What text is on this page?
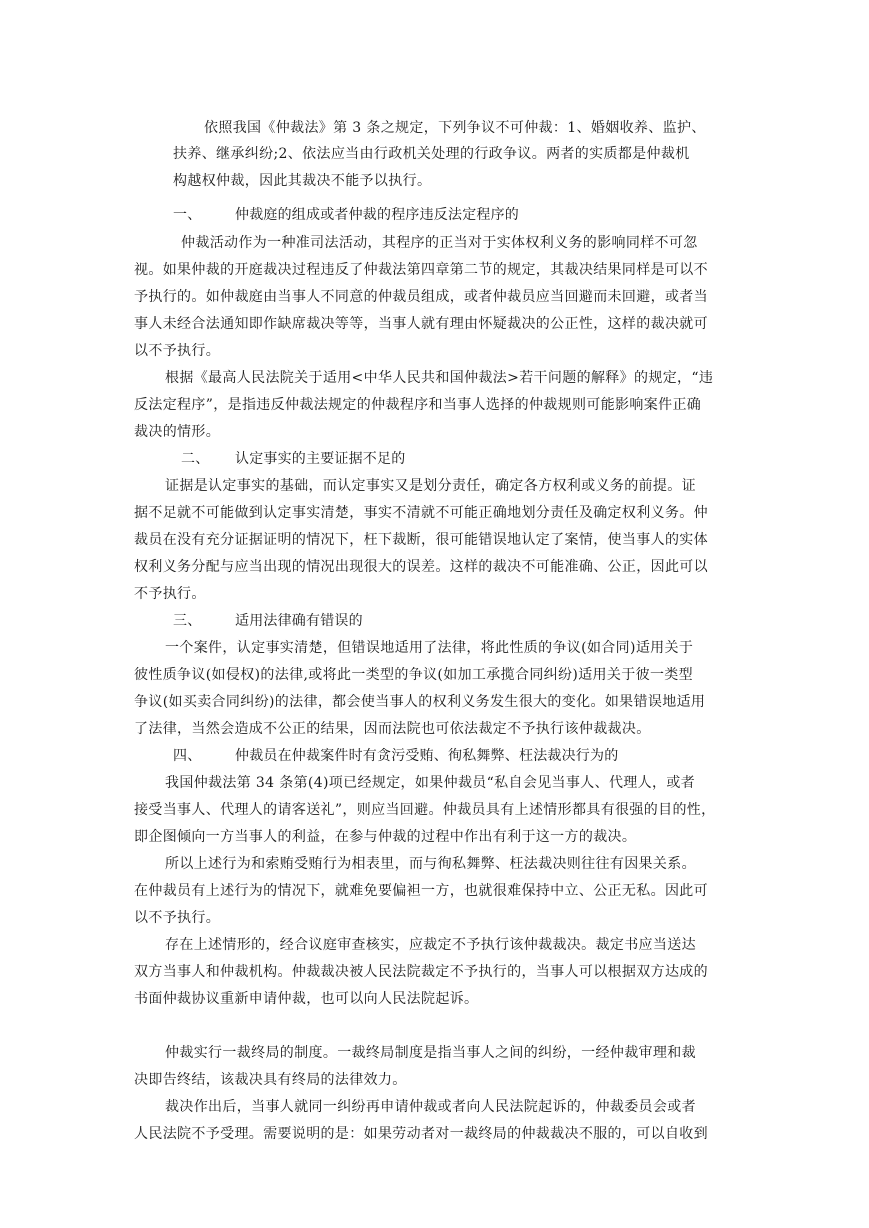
依照我国《仲裁法》第 3 条之规定，下列争议不可仲裁：1、婚姻收养、监护、
扶养、继承纠纷;2、依法应当由行政机关处理的行政争议。两者的实质都是仲裁机
构越权仲裁，因此其裁决不能予以执行。
一、 仲裁庭的组成或者仲裁的程序违反法定程序的
仲裁活动作为一种准司法活动，其程序的正当对于实体权利义务的影响同样不可忽
视。如果仲裁的开庭裁决过程违反了仲裁法第四章第二节的规定，其裁决结果同样是可以不
予执行的。如仲裁庭由当事人不同意的仲裁员组成，或者仲裁员应当回避而未回避，或者当
事人未经合法通知即作缺席裁决等等，当事人就有理由怀疑裁决的公正性，这样的裁决就可
以不予执行。
根据《最高人民法院关于适用<中华人民共和国仲裁法>若干问题的解释》的规定，“违
反法定程序”，是指违反仲裁法规定的仲裁程序和当事人选择的仲裁规则可能影响案件正确
裁决的情形。
二、 认定事实的主要证据不足的
证据是认定事实的基础，而认定事实又是划分责任，确定各方权利或义务的前提。证
据不足就不可能做到认定事实清楚，事实不清就不可能正确地划分责任及确定权利义务。仲
裁员在没有充分证据证明的情况下，枉下裁断，很可能错误地认定了案情，使当事人的实体
权利义务分配与应当出现的情况出现很大的误差。这样的裁决不可能准确、公正，因此可以
不予执行。
三、 适用法律确有错误的
一个案件，认定事实清楚，但错误地适用了法律，将此性质的争议(如合同)适用关于
彼性质争议(如侵权)的法律,或将此一类型的争议(如加工承揽合同纠纷)适用关于彼一类型
争议(如买卖合同纠纷)的法律，都会使当事人的权利义务发生很大的变化。如果错误地适用
了法律，当然会造成不公正的结果，因而法院也可依法裁定不予执行该仲裁裁决。
四、 仲裁员在仲裁案件时有贪污受贿、徇私舞弊、枉法裁决行为的
我国仲裁法第 34 条第(4)项已经规定，如果仲裁员“私自会见当事人、代理人，或者
接受当事人、代理人的请客送礼”，则应当回避。仲裁员具有上述情形都具有很强的目的性，
即企图倾向一方当事人的利益，在参与仲裁的过程中作出有利于这一方的裁决。
所以上述行为和索贿受贿行为相表里，而与徇私舞弊、枉法裁决则往往有因果关系。
在仲裁员有上述行为的情况下，就难免要偏袒一方，也就很难保持中立、公正无私。因此可
以不予执行。
存在上述情形的，经合议庭审查核实，应裁定不予执行该仲裁裁决。裁定书应当送达
双方当事人和仲裁机构。仲裁裁决被人民法院裁定不予执行的，当事人可以根据双方达成的
书面仲裁协议重新申请仲裁，也可以向人民法院起诉。
仲裁实行一裁终局的制度。一裁终局制度是指当事人之间的纠纷，一经仲裁审理和裁
决即告终结，该裁决具有终局的法律效力。
裁决作出后，当事人就同一纠纷再申请仲裁或者向人民法院起诉的，仲裁委员会或者
人民法院不予受理。需要说明的是：如果劳动者对一裁终局的仲裁裁决不服的，可以自收到
